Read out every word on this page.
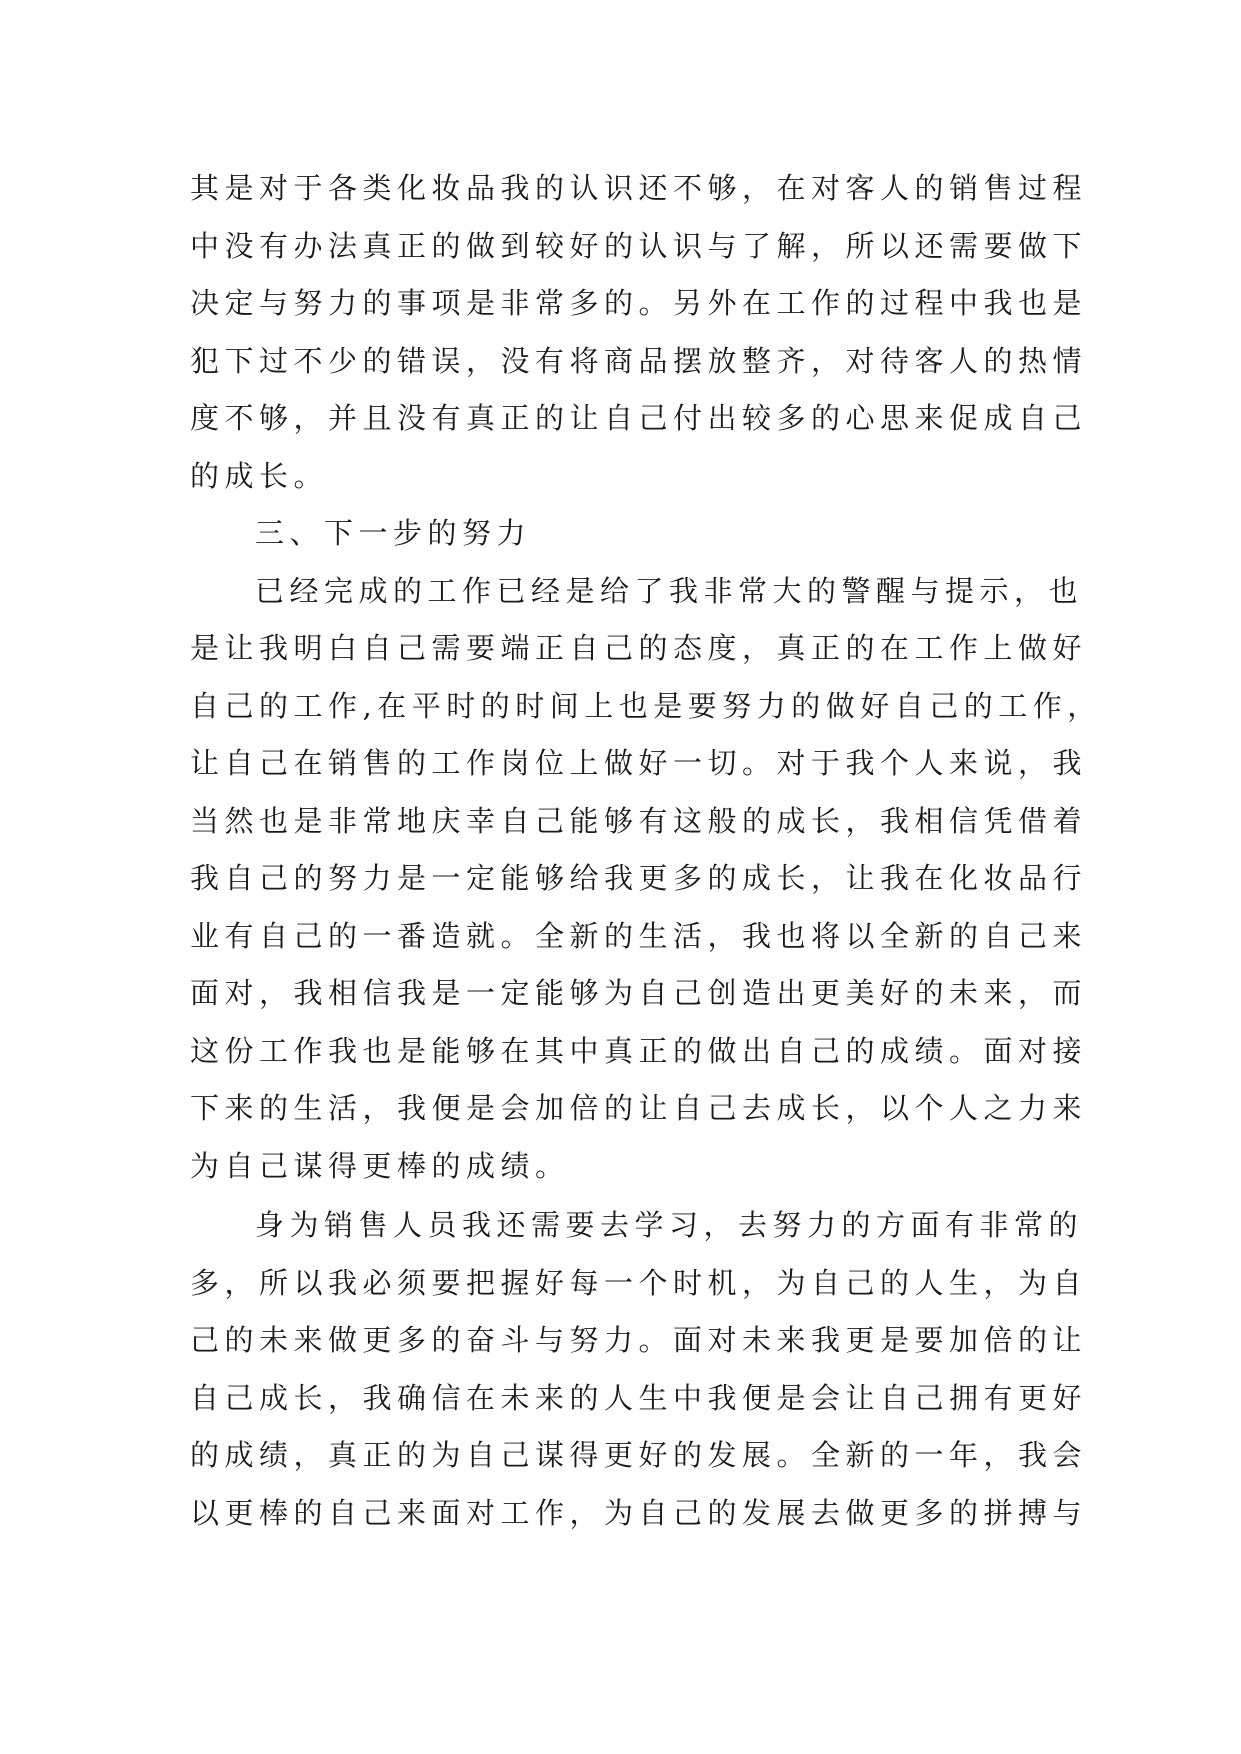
其是对于各类化妆品我的认识还不够，在对客人的销售过程
中没有办法真正的做到较好的认识与了解，所以还需要做下
决定与努力的事项是非常多的。另外在工作的过程中我也是
犯下过不少的错误，没有将商品摆放整齐，对待客人的热情
度不够，并且没有真正的让自己付出较多的心思来促成自己
的成长。
三、下一步的努力
已经完成的工作已经是给了我非常大的警醒与提示，也
是让我明白自己需要端正自己的态度，真正的在工作上做好
自己的工作,在平时的时间上也是要努力的做好自己的工作，
让自己在销售的工作岗位上做好一切。对于我个人来说，我
当然也是非常地庆幸自己能够有这般的成长，我相信凭借着
我自己的努力是一定能够给我更多的成长，让我在化妆品行
业有自己的一番造就。全新的生活，我也将以全新的自己来
面对，我相信我是一定能够为自己创造出更美好的未来，而
这份工作我也是能够在其中真正的做出自己的成绩。面对接
下来的生活，我便是会加倍的让自己去成长，以个人之力来
为自己谋得更棒的成绩。
身为销售人员我还需要去学习，去努力的方面有非常的
多，所以我必须要把握好每一个时机，为自己的人生，为自
己的未来做更多的奋斗与努力。面对未来我更是要加倍的让
自己成长，我确信在未来的人生中我便是会让自己拥有更好
的成绩，真正的为自己谋得更好的发展。全新的一年，我会
以更棒的自己来面对工作，为自己的发展去做更多的拼搏与
